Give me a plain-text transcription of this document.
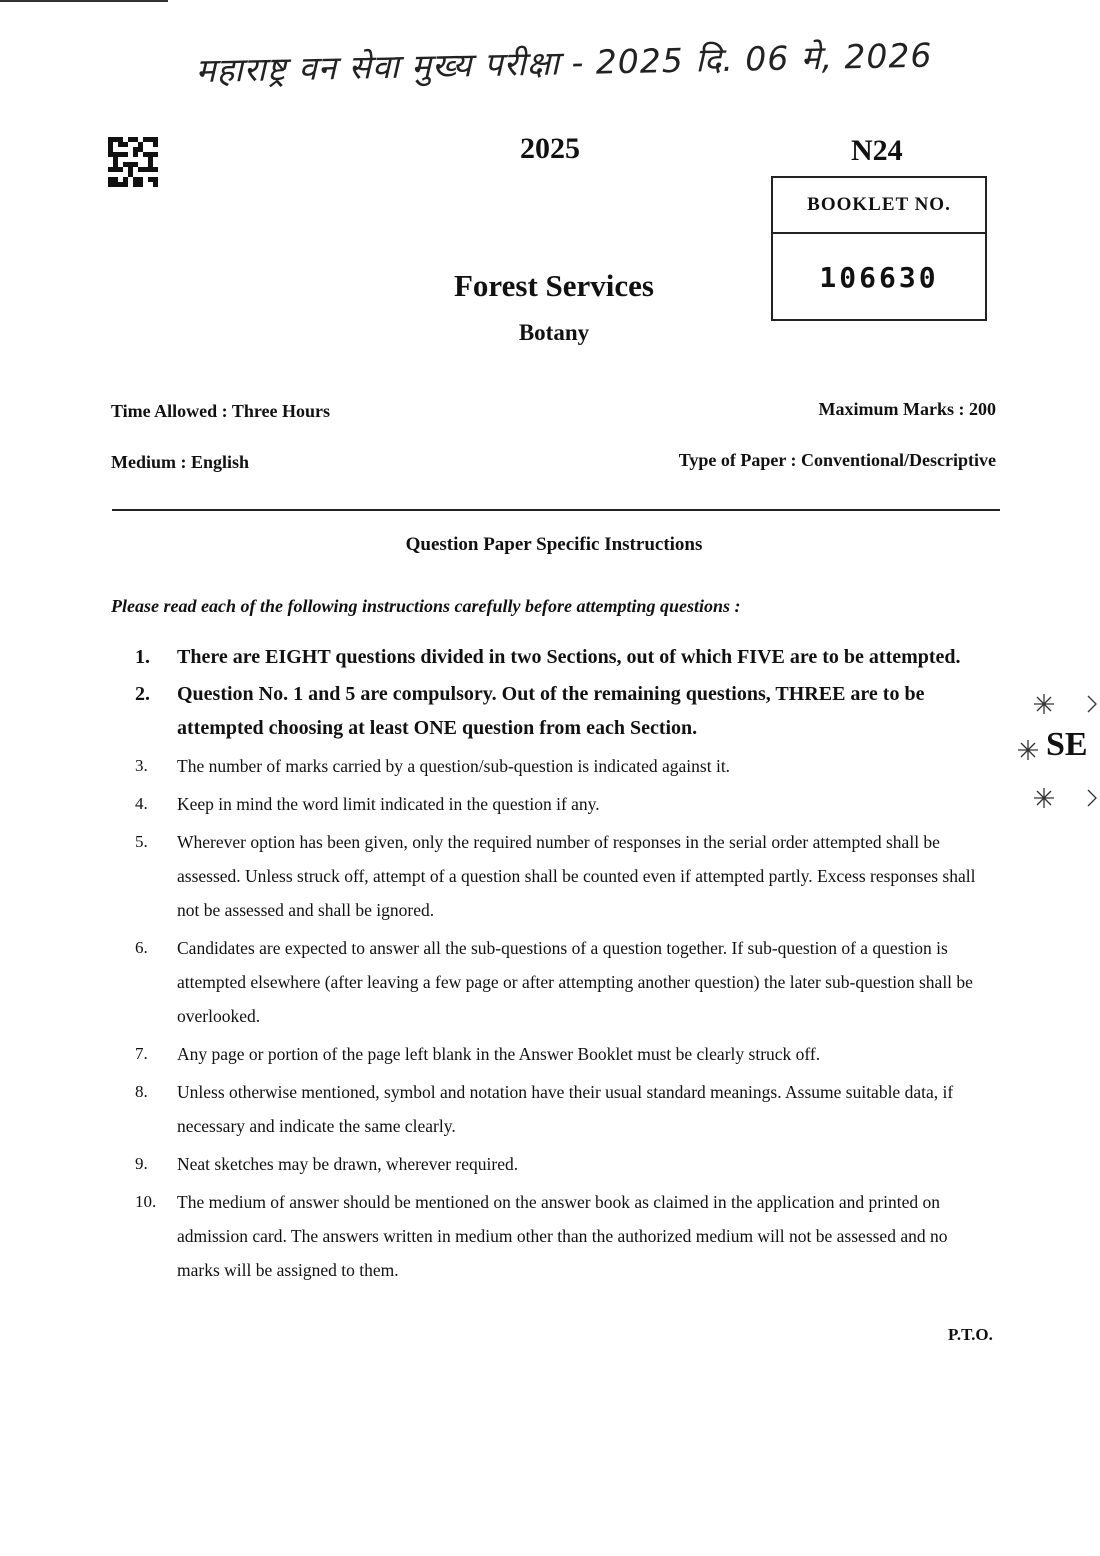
महाराष्ट्र वन सेवा मुख्य परीक्षा - 2025 दि. 06 मे, 2026
2025	N24
BOOKLET NO.
106630
Forest Services
Botany
Time Allowed : Three Hours	Maximum Marks : 200
Medium : English	Type of Paper : Conventional/Descriptive
Question Paper Specific Instructions
Please read each of the following instructions carefully before attempting questions :
1.	There are EIGHT questions divided in two Sections, out of which FIVE are to be attempted.
2.	Question No. 1 and 5 are compulsory. Out of the remaining questions, THREE are to be attempted choosing at least ONE question from each Section.
3.	The number of marks carried by a question/sub-question is indicated against it.
4.	Keep in mind the word limit indicated in the question if any.
5.	Wherever option has been given, only the required number of responses in the serial order attempted shall be assessed. Unless struck off, attempt of a question shall be counted even if attempted partly. Excess responses shall not be assessed and shall be ignored.
6.	Candidates are expected to answer all the sub-questions of a question together. If sub-question of a question is attempted elsewhere (after leaving a few page or after attempting another question) the later sub-question shall be overlooked.
7.	Any page or portion of the page left blank in the Answer Booklet must be clearly struck off.
8.	Unless otherwise mentioned, symbol and notation have their usual standard meanings. Assume suitable data, if necessary and indicate the same clearly.
9.	Neat sketches may be drawn, wherever required.
10.	The medium of answer should be mentioned on the answer book as claimed in the application and printed on admission card. The answers written in medium other than the authorized medium will not be assessed and no marks will be assigned to them.
P.T.O.
SE
